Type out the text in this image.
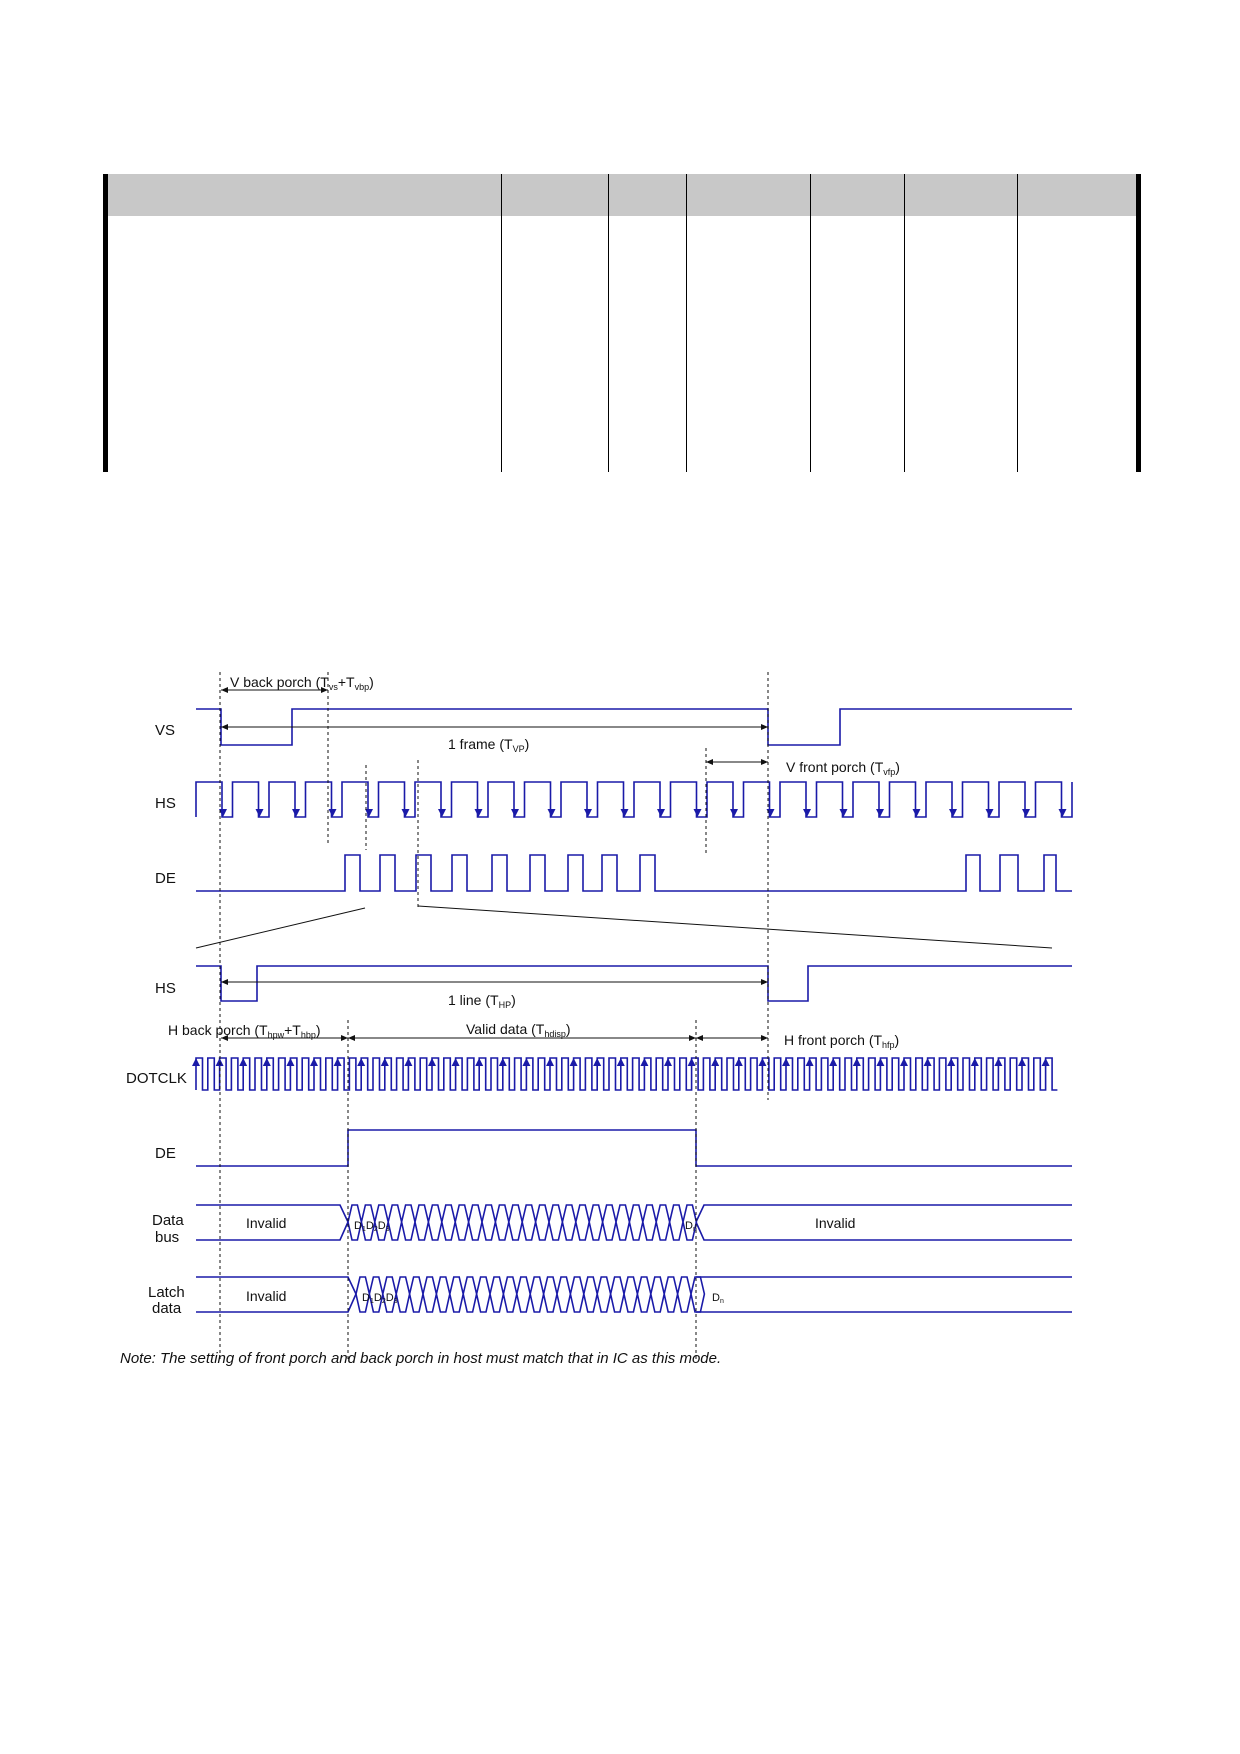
VS
HS
DE
HS
DOTCLK
DE
Data
bus
Latch
data
V back porch $(T_{vs}+T_{vbp})$
1 frame $(T_{VP})$
V front porch $(T_{vfp})$
1 line $(T_{HP})$
H back porch $(T_{hpw}+T_{hbp})$	Valid data $(T_{hdisp})$
H front porch $(T_{hfp})$
Invalid	Invalid
Invalid
D1D2D3
D1D2D3
Dn
Dn
Note: The setting of front porch and back porch in host must match that in IC as this mode.
